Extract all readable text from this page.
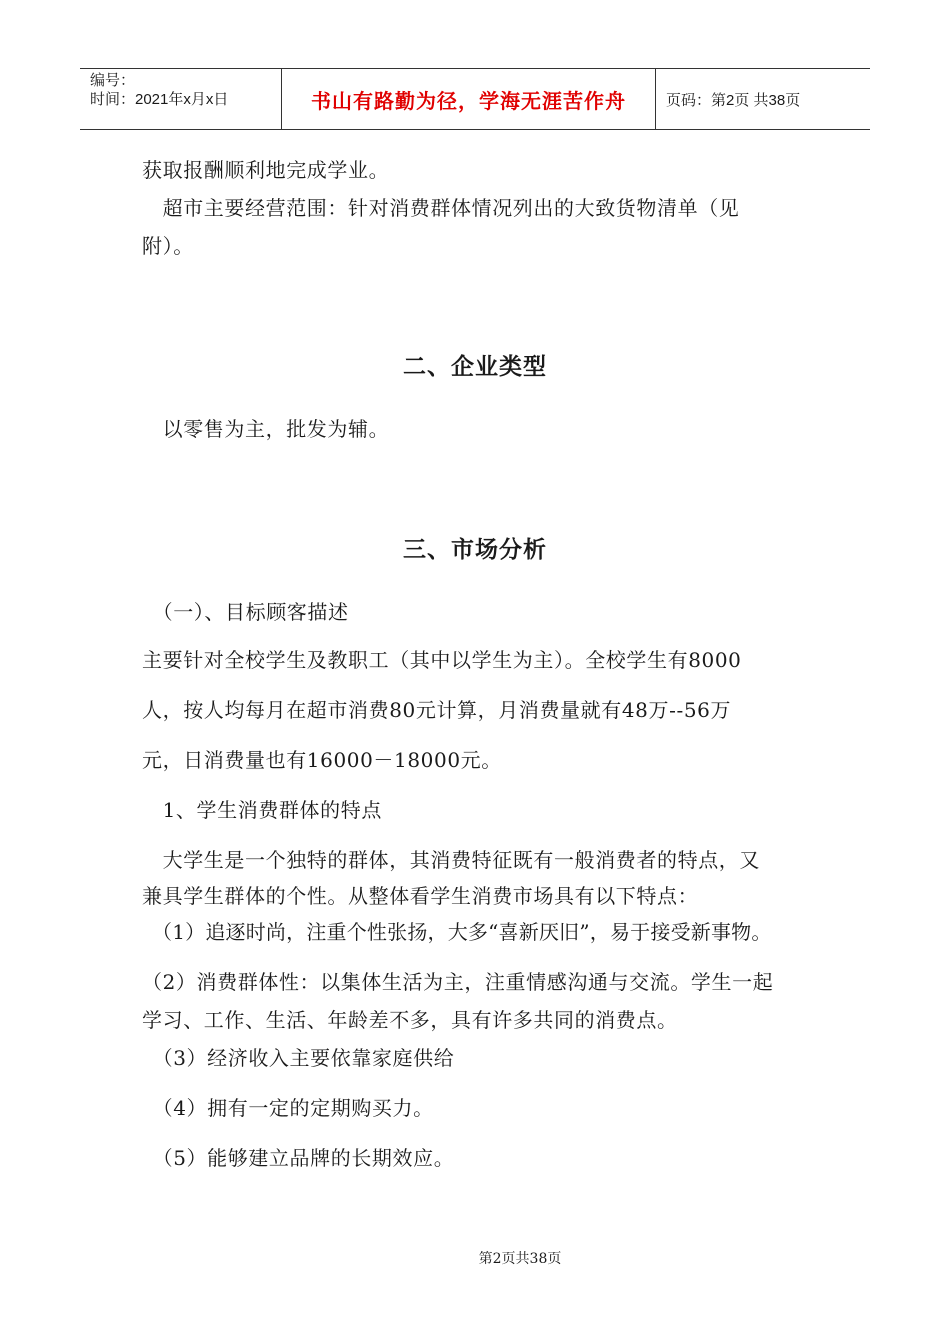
编号：
时间：2021年x月x日	书山有路勤为径，学海无涯苦作舟	页码：第2页 共38页
获取报酬顺利地完成学业。
　超市主要经营范围：针对消费群体情况列出的大致货物清单（见
附）。
二、企业类型
　以零售为主，批发为辅。
三、市场分析
　（一）、目标顾客描述
主要针对全校学生及教职工（其中以学生为主）。全校学生有8000
人，按人均每月在超市消费80元计算，月消费量就有48万--56万
元，日消费量也有16000－18000元。
　1、学生消费群体的特点
　大学生是一个独特的群体，其消费特征既有一般消费者的特点，又
兼具学生群体的个性。从整体看学生消费市场具有以下特点：
（1）追逐时尚，注重个性张扬，大多“喜新厌旧”，易于接受新事物。
（2）消费群体性：以集体生活为主，注重情感沟通与交流。学生一起
学习、工作、生活、年龄差不多，具有许多共同的消费点。
　（3）经济收入主要依靠家庭供给
　（4）拥有一定的定期购买力。
　（5）能够建立品牌的长期效应。
第2页共38页
